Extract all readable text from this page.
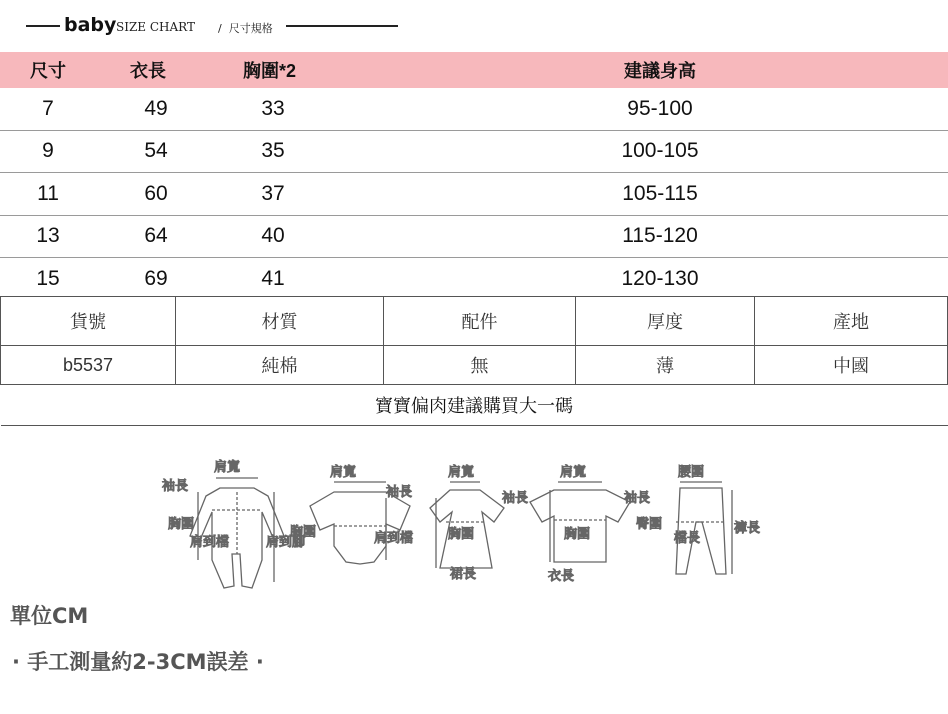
baby SIZE CHART / 尺寸規格
尺寸	衣長	胸圍*2	建議身高
7	49	33	95-100
9	54	35	100-105
11	60	37	105-115
13	64	40	115-120
15	69	41	120-130
貨號	材質	配件	厚度	產地
b5537	純棉	無	薄	中國
寶寶偏肉建議購買大一碼				
肩寬
袖長
胸圍
肩到檔	肩到腳
肩寬
袖長
胸圍	肩到檔
肩寬
袖長
胸圍
裙長
肩寬
袖長
胸圍
衣長
腰圍
臀圍
檔長
褲長
單位CM
· 手工測量約2-3CM誤差 ·
